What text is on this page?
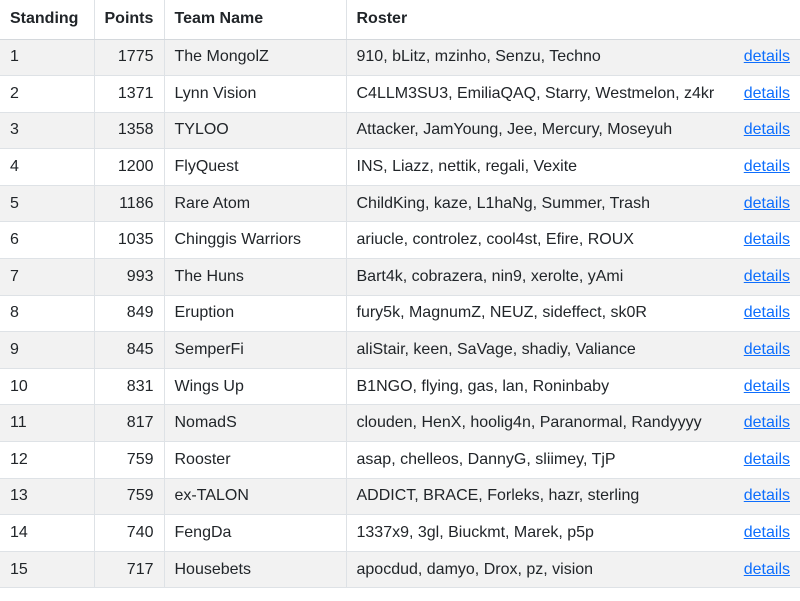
Standing	Points	Team Name	Roster	
1	1775	The MongolZ	910, bLitz, mzinho, Senzu, Techno	details
2	1371	Lynn Vision	C4LLM3SU3, EmiliaQAQ, Starry, Westmelon, z4kr	details
3	1358	TYLOO	Attacker, JamYoung, Jee, Mercury, Moseyuh	details
4	1200	FlyQuest	INS, Liazz, nettik, regali, Vexite	details
5	1186	Rare Atom	ChildKing, kaze, L1haNg, Summer, Trash	details
6	1035	Chinggis Warriors	ariucle, controlez, cool4st, Efire, ROUX	details
7	993	The Huns	Bart4k, cobrazera, nin9, xerolte, yAmi	details
8	849	Eruption	fury5k, MagnumZ, NEUZ, sideffect, sk0R	details
9	845	SemperFi	aliStair, keen, SaVage, shadiy, Valiance	details
10	831	Wings Up	B1NGO, flying, gas, lan, Roninbaby	details
11	817	NomadS	clouden, HenX, hoolig4n, Paranormal, Randyyyy	details
12	759	Rooster	asap, chelleos, DannyG, sliimey, TjP	details
13	759	ex-TALON	ADDICT, BRACE, Forleks, hazr, sterling	details
14	740	FengDa	1337x9, 3gl, Biuckmt, Marek, p5p	details
15	717	Housebets	apocdud, damyo, Drox, pz, vision	details
